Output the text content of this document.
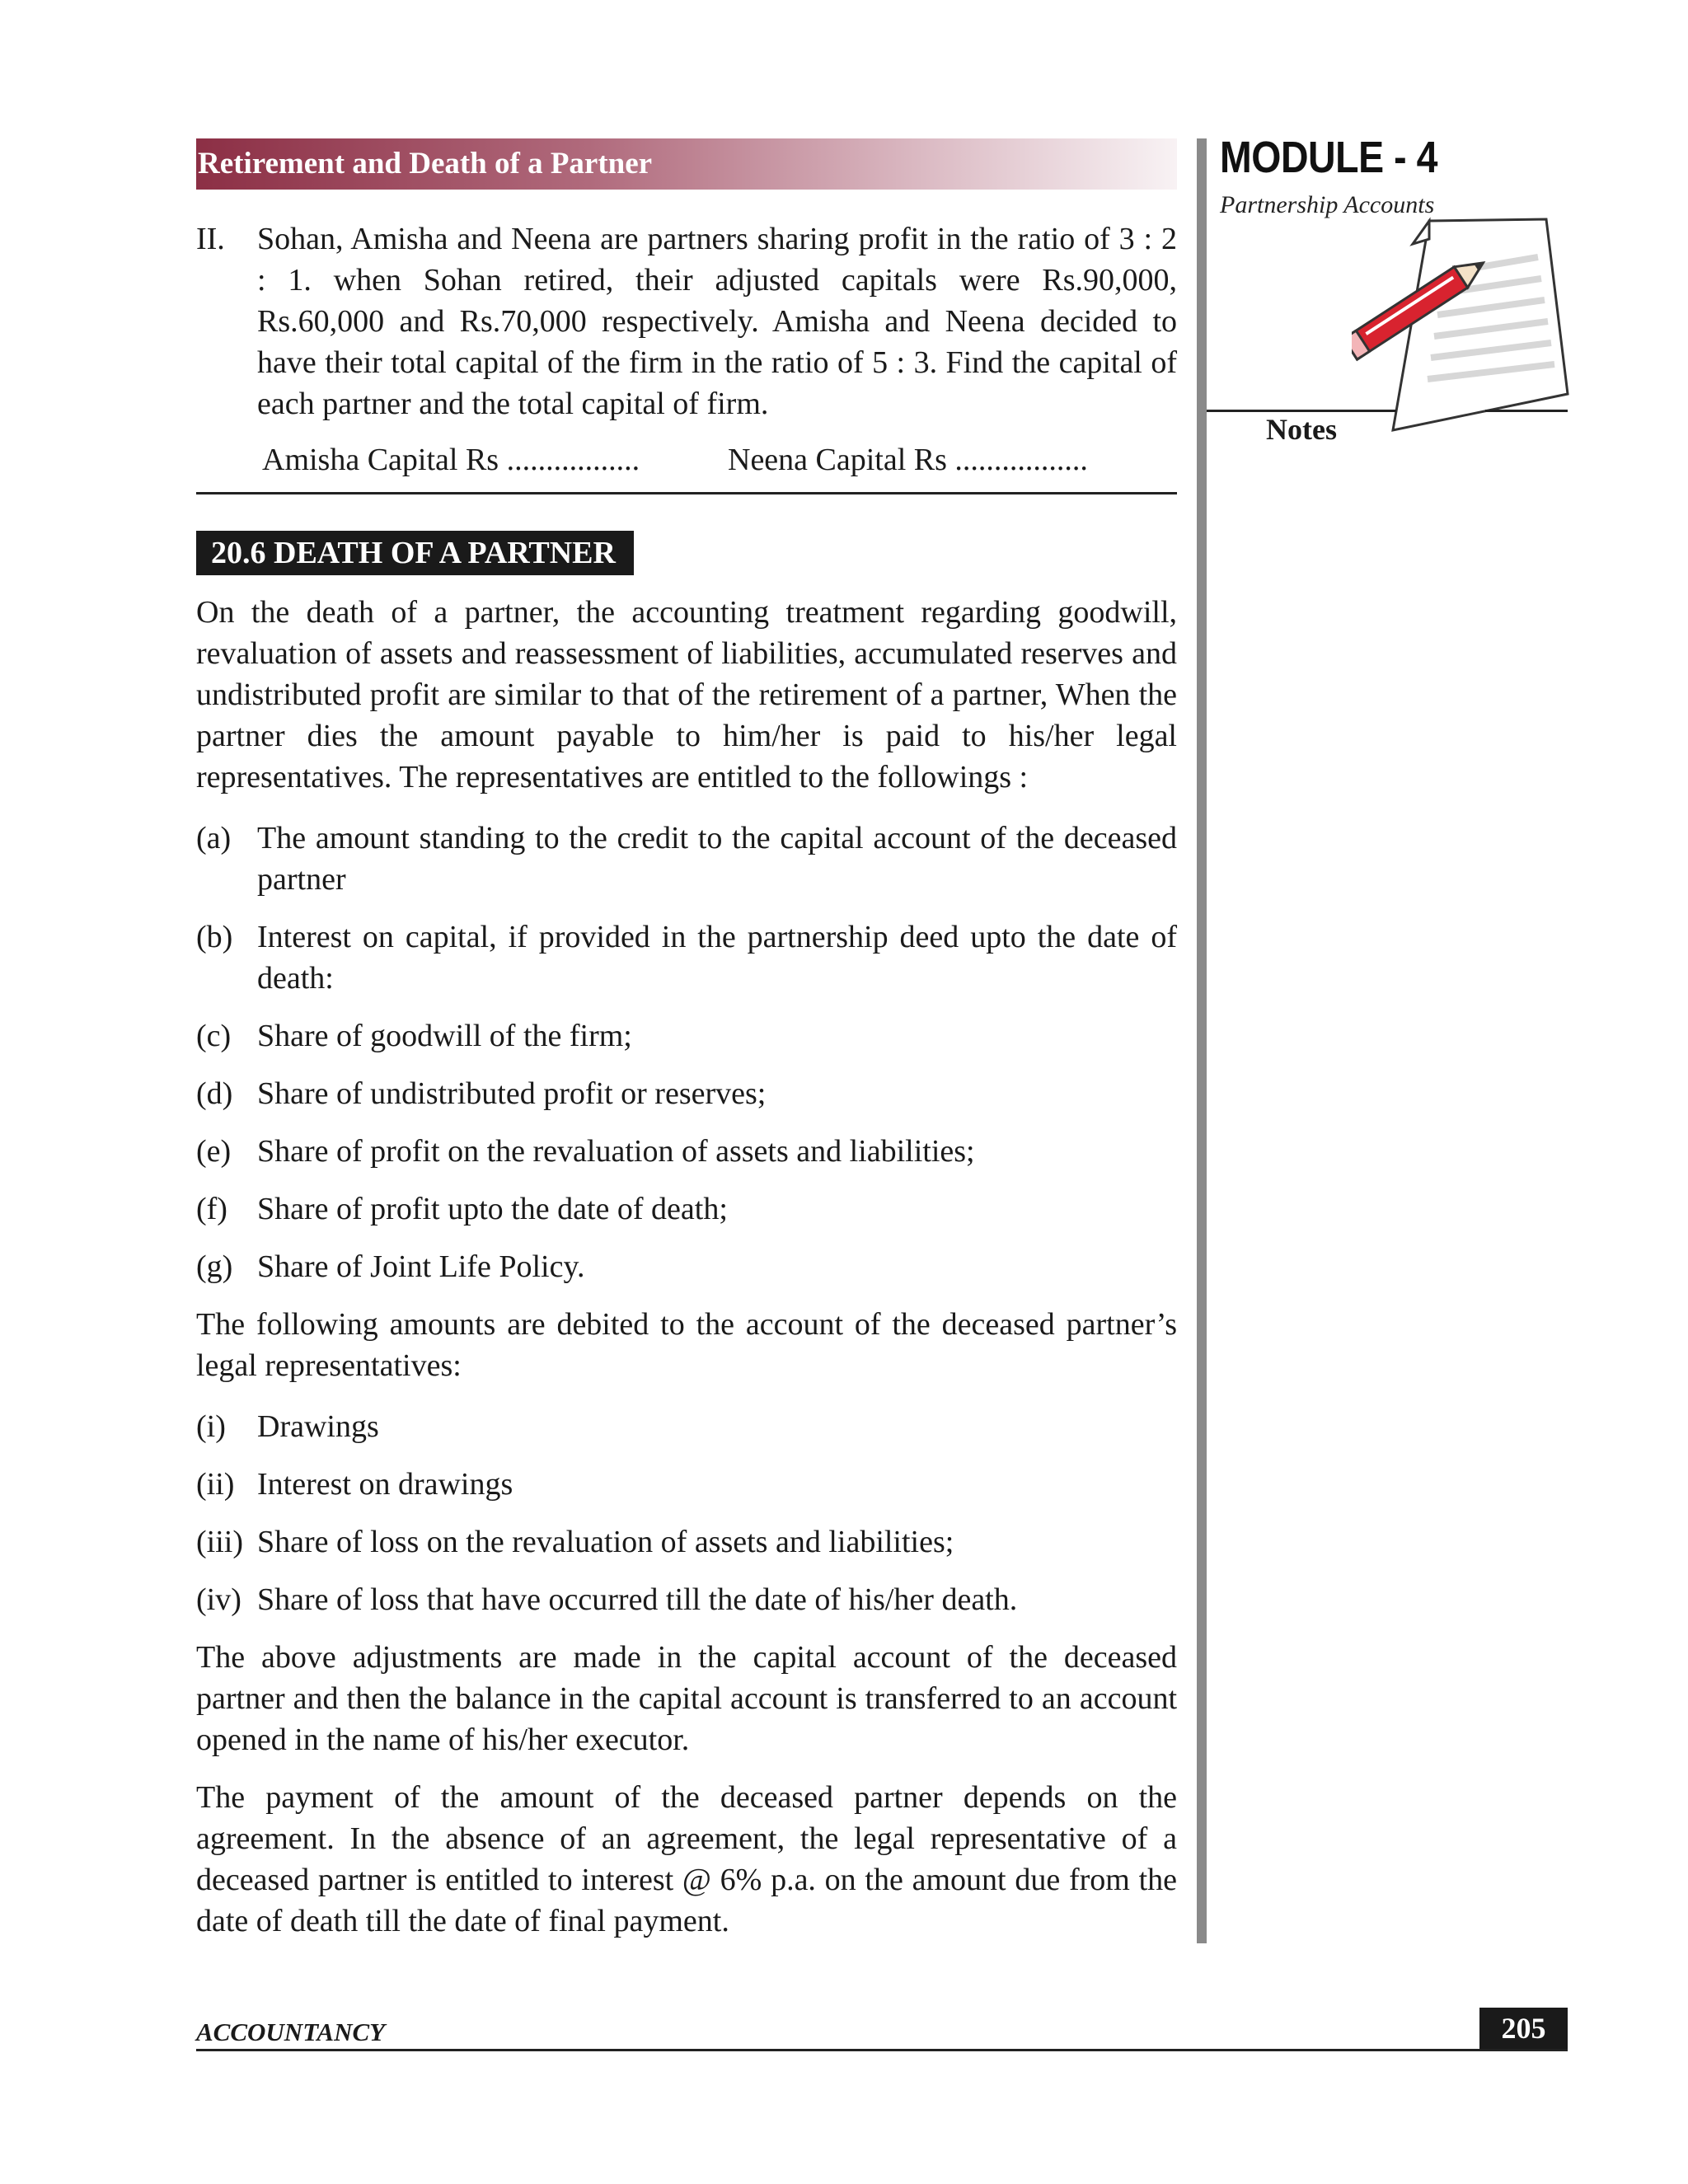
Retirement and Death of a Partner	MODULE - 4
Partnership Accounts
Notes
II.	Sohan, Amisha and Neena are partners sharing profit in the ratio of 3 : 2 : 1. when Sohan retired, their adjusted capitals were Rs.90,000, Rs.60,000 and Rs.70,000 respectively. Amisha and Neena decided to have their total capital of the firm in the ratio of 5 : 3. Find the capital of each partner and the total capital of firm.
Amisha Capital Rs .................	Neena Capital Rs .................
20.6 DEATH OF A PARTNER

On the death of a partner, the accounting treatment regarding goodwill, revaluation of assets and reassessment of liabilities, accumulated reserves and undistributed profit are similar to that of the retirement of a partner, When the partner dies the amount payable to him/her is paid to his/her legal representatives. The representatives are entitled to the followings :

(a) The amount standing to the credit to the capital account of the deceased partner
(b) Interest on capital, if provided in the partnership deed upto the date of death:
(c) Share of goodwill of the firm;
(d) Share of undistributed profit or reserves;
(e) Share of profit on the revaluation of assets and liabilities;
(f) Share of profit upto the date of death;
(g) Share of Joint Life Policy.

The following amounts are debited to the account of the deceased partner’s legal representatives:

(i)	Drawings
(ii) Interest on drawings
(iii) Share of loss on the revaluation of assets and liabilities;
(iv) Share of loss that have occurred till the date of his/her death.

The above adjustments are made in the capital account of the deceased partner and then the balance in the capital account is transferred to an account opened in the name of his/her executor.

The payment of the amount of the deceased partner depends on the agreement. In the absence of an agreement, the legal representative of a deceased partner is entitled to interest @ 6% p.a. on the amount due from the date of death till the date of final payment.

ACCOUNTANCY	205
